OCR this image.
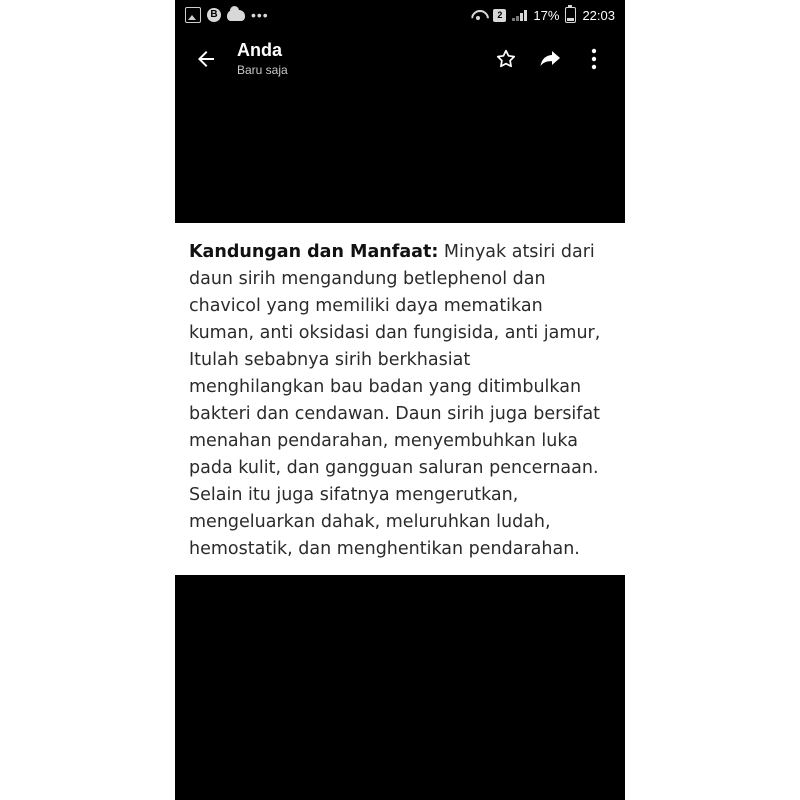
B •••	2	17% 22:03
Anda
Baru saja

Kandungan dan Manfaat: Minyak atsiri dari daun sirih mengandung betlephenol dan chavicol yang memiliki daya mematikan kuman, anti oksidasi dan fungisida, anti jamur, Itulah sebabnya sirih berkhasiat menghilangkan bau badan yang ditimbulkan bakteri dan cendawan. Daun sirih juga bersifat menahan pendarahan, menyembuhkan luka pada kulit, dan gangguan saluran pencernaan. Selain itu juga sifatnya mengerutkan, mengeluarkan dahak, meluruhkan ludah, hemostatik, dan menghentikan pendarahan.
